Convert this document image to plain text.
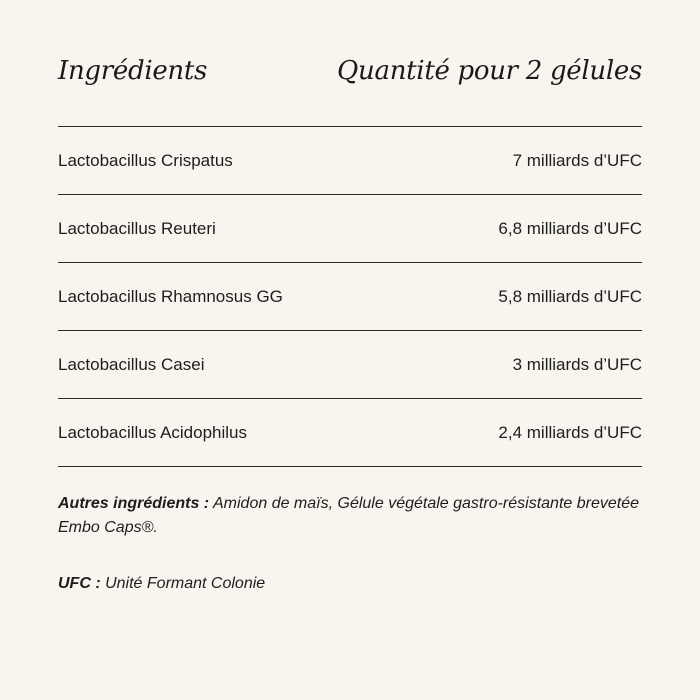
Ingrédients	Quantité pour 2 gélules
Lactobacillus Crispatus	7 milliards d’UFC
Lactobacillus Reuteri	6,8 milliards d’UFC
Lactobacillus Rhamnosus GG	5,8 milliards d’UFC
Lactobacillus Casei	3 milliards d’UFC
Lactobacillus Acidophilus	2,4 milliards d’UFC

Autres ingrédients : Amidon de maïs, Gélule végétale gastro-résistante brevetée Embo Caps®.

UFC : Unité Formant Colonie
